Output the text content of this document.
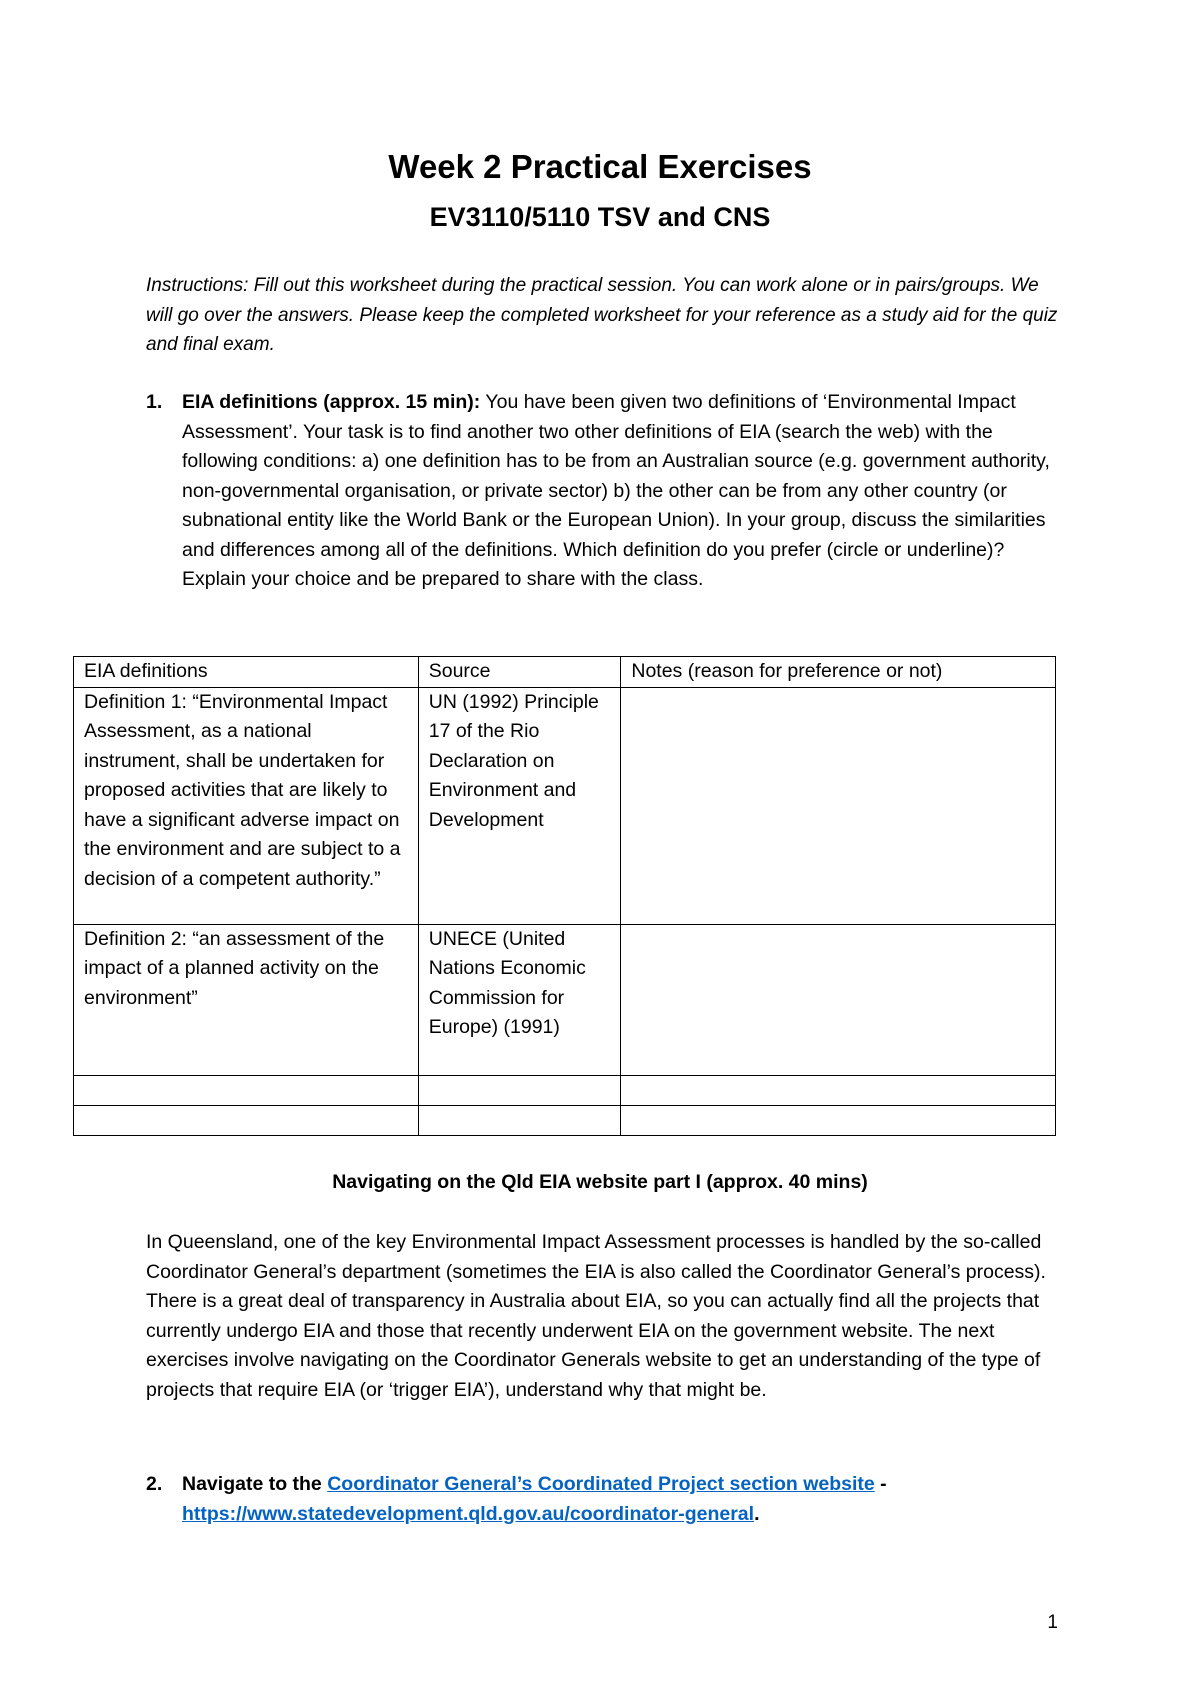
Week 2 Practical Exercises
EV3110/5110 TSV and CNS
Instructions: Fill out this worksheet during the practical session. You can work alone or in pairs/groups. We will go over the answers. Please keep the completed worksheet for your reference as a study aid for the quiz and final exam.
1. EIA definitions (approx. 15 min): You have been given two definitions of ‘Environmental Impact Assessment’. Your task is to find another two other definitions of EIA (search the web) with the following conditions: a) one definition has to be from an Australian source (e.g. government authority, non-governmental organisation, or private sector) b) the other can be from any other country (or subnational entity like the World Bank or the European Union). In your group, discuss the similarities and differences among all of the definitions. Which definition do you prefer (circle or underline)? Explain your choice and be prepared to share with the class.
EIA definitions	Source	Notes (reason for preference or not)
Definition 1: “Environmental Impact Assessment, as a national instrument, shall be undertaken for proposed activities that are likely to have a significant adverse impact on the environment and are subject to a decision of a competent authority.”	UN (1992) Principle 17 of the Rio Declaration on Environment and Development	
Definition 2: “an assessment of the impact of a planned activity on the environment”	UNECE (United Nations Economic Commission for Europe) (1991)	

Navigating on the Qld EIA website part I (approx. 40 mins)
In Queensland, one of the key Environmental Impact Assessment processes is handled by the so-called Coordinator General’s department (sometimes the EIA is also called the Coordinator General’s process). There is a great deal of transparency in Australia about EIA, so you can actually find all the projects that currently undergo EIA and those that recently underwent EIA on the government website. The next exercises involve navigating on the Coordinator Generals website to get an understanding of the type of projects that require EIA (or ‘trigger EIA’), understand why that might be.
2. Navigate to the Coordinator General’s Coordinated Project section website - https://www.statedevelopment.qld.gov.au/coordinator-general.
1
